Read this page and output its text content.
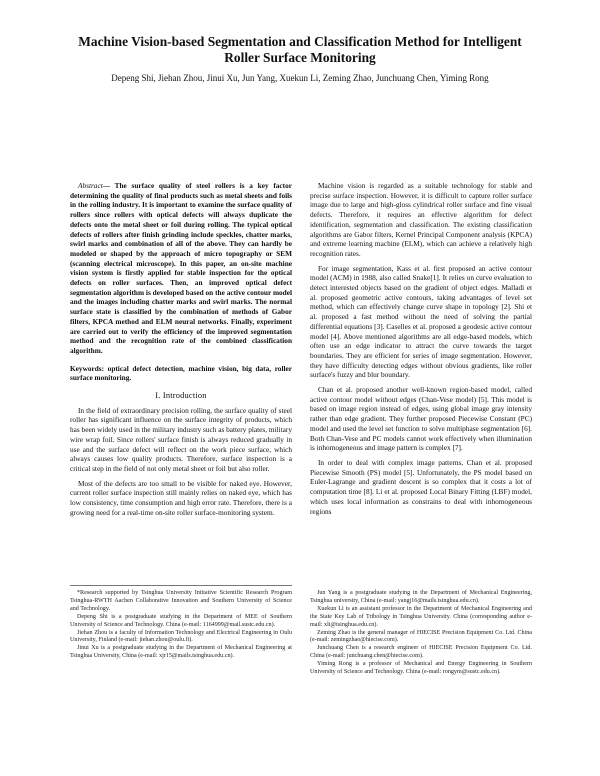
Machine Vision-based Segmentation and Classification Method for Intelligent Roller Surface Monitoring
Depeng Shi, Jiehan Zhou, Jinui Xu, Jun Yang, Xuekun Li, Zeming Zhao, Junchuang Chen, Yiming Rong

Abstract— The surface quality of steel rollers is a key factor determining the quality of final products such as metal sheets and foils in the rolling industry. It is important to examine the surface quality of rollers since rollers with optical defects will always duplicate the defects onto the metal sheet or foil during rolling. The typical optical defects of rollers after finish grinding include speckles, chatter marks, swirl marks and combination of all of the above. They can hardly be modeled or shaped by the approach of micro topography or SEM (scanning electrical microscope). In this paper, an on-site machine vision system is firstly applied for stable inspection for the optical defects on roller surfaces. Then, an improved optical defect segmentation algorithm is developed based on the active contour model and the images including chatter marks and swirl marks. The normal surface state is classified by the combination of methods of Gabor filters, KPCA method and ELM neural networks. Finally, experiment are carried out to verify the efficiency of the improved segmentation method and the recognition rate of the combined classification algorithm.

Keywords: optical defect detection, machine vision, big data, roller surface monitoring.

I. Introduction

In the field of extraordinary precision rolling, the surface quality of steel roller has significant influence on the surface integrity of products, which has been widely used in the military industry such as battery plates, military wire wrap foil. Since rollers' surface finish is always reduced gradually in use and the surface defect will reflect on the work piece surface, which always causes low quality products. Therefore, surface inspection is a critical step in the field of not only metal sheet or foil but also roller.

Most of the defects are too small to be visible for naked eye. However, current roller surface inspection still mainly relies on naked eye, which has low consistency, time consumption and high error rate. Therefore, there is a growing need for a real-time on-site roller surface-monitoring system.

Machine vision is regarded as a suitable technology for stable and precise surface inspection. However, it is difficult to capture roller surface image due to large and high-gloss cylindrical roller surface and fine visual defects. Therefore, it requires an effective algorithm for defect identification, segmentation and classification. The existing classification algorithms are Gabor filters, Kernel Principal Component analysis (KPCA) and extreme learning machine (ELM), which can achieve a relatively high recognition rates.

For image segmentation, Kass et al. first proposed an active contour model (ACM) in 1988, also called Snake[1]. It relies on curve evaluation to detect interested objects based on the gradient of object edges. Malladi et al. proposed geometric active contours, taking advantages of level set method, which can effectively change curve shape in topology [2]. Shi et al. proposed a fast method without the need of solving the partial differential equations [3]. Caselles et al. proposed a geodesic active contour model [4]. Above mentioned algorithms are all edge-based models, which often use an edge indicator to attract the curve towards the target boundaries. They are efficient for series of image segmentation. However, they have difficulty detecting edges without obvious gradients, like roller surface's fuzzy and blur boundary.

Chan et al. proposed another well-known region-based model, called active contour model without edges (Chan-Vese model) [5]. This model is based on image region instead of edges, using global image gray intensity rather than edge gradient. They further proposed Piecewise Constant (PC) model and used the level set function to solve multiphase segmentation [6]. Both Chan-Vese and PC models cannot work effectively when illumination is inhomogeneous and image pattern is complex [7].

In order to deal with complex image patterns, Chan et al. proposed Piecewise Smooth (PS) model [5]. Unfortunately, the PS model based on Euler-Lagrange and gradient descent is so complex that it costs a lot of computation time [8]. Li et al. proposed Local Binary Fitting (LBF) model, which uses local information as constrains to deal with inhomogeneous regions

*Research supported by Tsinghua University Initiative Scientific Research Program Tsinghua-RWTH Aachen Collaborative Innovation and Southern University of Science and Technology.

Depeng Shi is a postgraduate studying in the Department of MEE of Southern University of Science and Technology. China (e-mail: 1164999@mail.sustc.edu.cn).

Jiehan Zhou is a faculty of Information Technology and Electrical Engineering in Oulu University, Finland (e-mail: jiehan.zhou@oulu.fi).

Jinui Xu is a postgraduate studying in the Department of Mechanical Engineering at Tsinghua University, China (e-mail: xjr15@mails.tsinghua.edu.cn).

Jun Yang is a postgraduate studying in the Department of Mechanical Engineering, Tsinghua university, China (e-mail: yangj16@mails.tsinghua.edu.cn).

Xuekun Li is an assistant professor in the Department of Mechanical Engineering and the State Key Lab of Tribology in Tsinghua University. China (corresponding author e-mail: xli@tsinghua.edu.cn).

Zeming Zhao is the general manager of HIECISE Precision Equipment Co. Ltd. China (e-mail: zemingzhao@hiecise.com).

Junchuang Chen is a research engineer of HIECISE Precision Equipment Co. Ltd. China (e-mail: junchuang.chen@hiecise.com).

Yiming Rong is a professor of Mechanical and Energy Engineering in Southern University of Science and Technology. China (e-mail: rongym@sustc.edu.cn).
